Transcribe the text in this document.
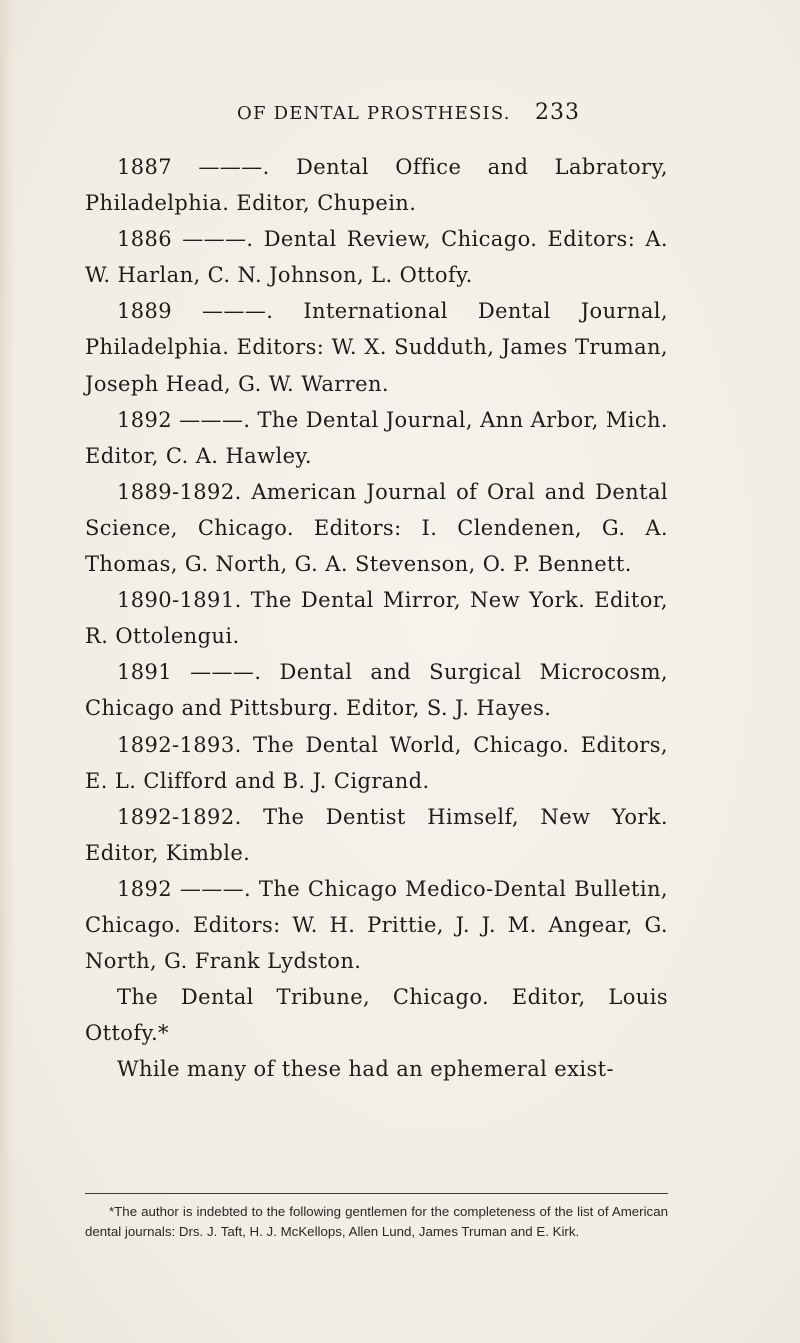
OF DENTAL PROSTHESIS. 233

1887 ———. Dental Office and Labratory, Philadelphia. Editor, Chupein.

1886 ———. Dental Review, Chicago. Editors: A. W. Harlan, C. N. Johnson, L. Ottofy.

1889 ———. International Dental Journal, Philadelphia. Editors: W. X. Sudduth, James Truman, Joseph Head, G. W. Warren.

1892 ———. The Dental Journal, Ann Arbor, Mich. Editor, C. A. Hawley.

1889-1892. American Journal of Oral and Dental Science, Chicago. Editors: I. Clendenen, G. A. Thomas, G. North, G. A. Stevenson, O. P. Bennett.

1890-1891. The Dental Mirror, New York. Editor, R. Ottolengui.

1891 ———. Dental and Surgical Microcosm, Chicago and Pittsburg. Editor, S. J. Hayes.

1892-1893. The Dental World, Chicago. Editors, E. L. Clifford and B. J. Cigrand.

1892-1892. The Dentist Himself, New York. Editor, Kimble.

1892 ———. The Chicago Medico-Dental Bulletin, Chicago. Editors: W. H. Prittie, J. J. M. Angear, G. North, G. Frank Lydston.

The Dental Tribune, Chicago. Editor, Louis Ottofy.*

While many of these had an ephemeral exist-

*The author is indebted to the following gentlemen for the completeness of the list of American dental journals: Drs. J. Taft, H. J. McKellops, Allen Lund, James Truman and E. Kirk.
